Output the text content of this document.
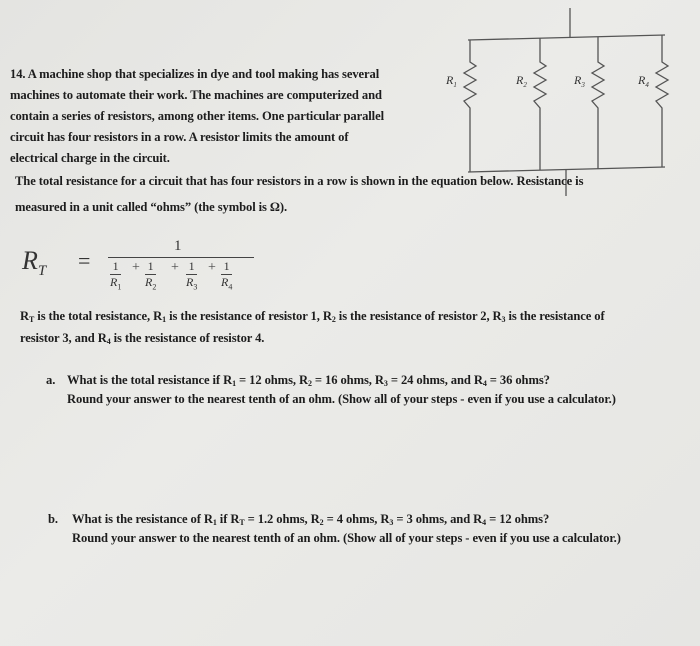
$R_1$	$R_2$	$R_3$	$R_4$
14. A machine shop that specializes in dye and tool making has several
machines to automate their work. The machines are computerized and
contain a series of resistors, among other items. One particular parallel
circuit has four resistors in a row. A resistor limits the amount of
electrical charge in the circuit.
The total resistance for a circuit that has four resistors in a row is shown in the equation below. Resistance is
measured in a unit called “ohms” (the symbol is Ω).
$R_T$ =
1
$\frac{1}{R_1} + \frac{1}{R_2} + \frac{1}{R_3} + \frac{1}{R_4}$
$R_T$ is the total resistance, $R_1$ is the resistance of resistor 1, $R_2$ is the resistance of resistor 2, $R_3$ is the resistance of
resistor 3, and $R_4$ is the resistance of resistor 4.
a. What is the total resistance if $R_1 = 12$ ohms, $R_2 = 16$ ohms, $R_3 = 24$ ohms, and $R_4 = 36$ ohms?
Round your answer to the nearest tenth of an ohm. (Show all of your steps - even if you use a calculator.)
b. What is the resistance of $R_1$ if $R_T = 1.2$ ohms, $R_2 = 4$ ohms, $R_3 = 3$ ohms, and $R_4 = 12$ ohms?
Round your answer to the nearest tenth of an ohm. (Show all of your steps - even if you use a calculator.)
